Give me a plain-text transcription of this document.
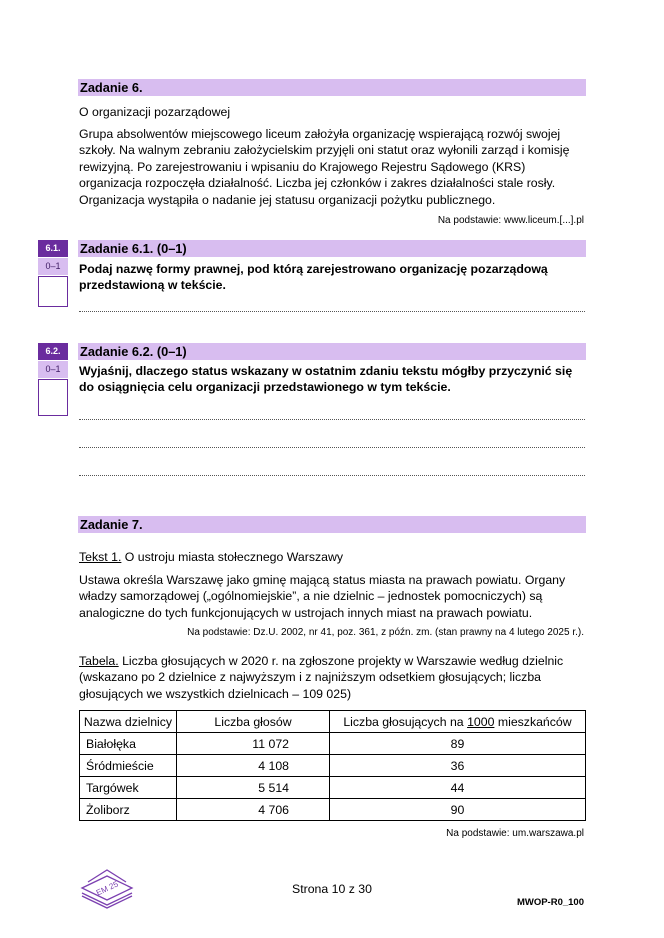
Zadanie 6.
O organizacji pozarządowej
Grupa absolwentów miejscowego liceum założyła organizację wspierającą rozwój swojej
szkoły. Na walnym zebraniu założycielskim przyjęli oni statut oraz wyłonili zarząd i komisję
rewizyjną. Po zarejestrowaniu i wpisaniu do Krajowego Rejestru Sądowego (KRS)
organizacja rozpoczęła działalność. Liczba jej członków i zakres działalności stale rosły.
Organizacja wystąpiła o nadanie jej statusu organizacji pożytku publicznego.
Na podstawie: www.liceum.[...].pl
6.1.
0–1
Zadanie 6.1. (0–1)
Podaj nazwę formy prawnej, pod którą zarejestrowano organizację pozarządową
przedstawioną w tekście.
6.2.
0–1
Zadanie 6.2. (0–1)
Wyjaśnij, dlaczego status wskazany w ostatnim zdaniu tekstu mógłby przyczynić się
do osiągnięcia celu organizacji przedstawionego w tym tekście.
Zadanie 7.
Tekst 1. O ustroju miasta stołecznego Warszawy
Ustawa określa Warszawę jako gminę mającą status miasta na prawach powiatu. Organy
władzy samorządowej („ogólnomiejskie”, a nie dzielnic – jednostek pomocniczych) są
analogiczne do tych funkcjonujących w ustrojach innych miast na prawach powiatu.
Na podstawie: Dz.U. 2002, nr 41, poz. 361, z późn. zm. (stan prawny na 4 lutego 2025 r.).
Tabela. Liczba głosujących w 2020 r. na zgłoszone projekty w Warszawie według dzielnic
(wskazano po 2 dzielnice z najwyższym i z najniższym odsetkiem głosujących; liczba
głosujących we wszystkich dzielnicach – 109 025)
Nazwa dzielnicy	Liczba głosów	Liczba głosujących na 1000 mieszkańców
Białołęka	11 072	89
Śródmieście	4 108	36
Targówek	5 514	44
Żoliborz	4 706	90
Na podstawie: um.warszawa.pl
EM 25	Strona 10 z 30
MWOP-R0_100
